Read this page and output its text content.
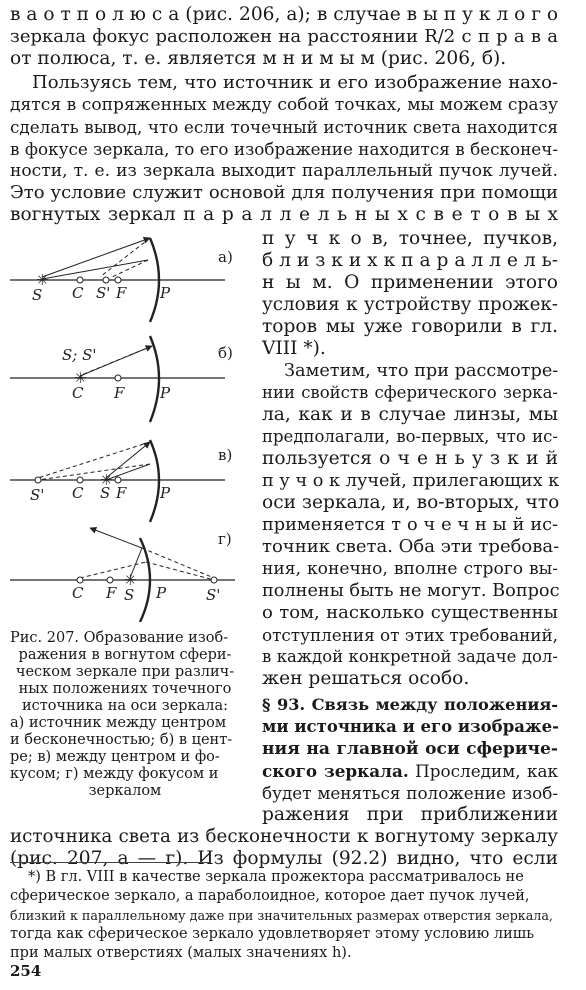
в а о т п о л ю с а (рис. 206, а); в случае в ы п у к л о г о
зеркала фокус расположен на расстоянии R/2 с п р а в а
от полюса, т. е. является м н и м ы м (рис. 206, б).
Пользуясь тем, что источник и его изображение нахо-
дятся в сопряженных между собой точках, мы можем сразу
сделать вывод, что если точечный источник света находится
в фокусе зеркала, то его изображение находится в бесконеч-
ности, т. е. из зеркала выходит параллельный пучок лучей.
Это условие служит основой для получения при помощи
вогнутых зеркал п а р а л л е л ь н ы х с в е т о в ы х
п у ч к о в, точнее, пучков,
б л и з к и х к п а р а л л е л ь-
н ы м. О применении этого
условия к устройству прожек-
торов мы уже говорили в гл.
VIII *).
Заметим, что при рассмотре-
нии свойств сферического зерка-
ла, как и в случае линзы, мы
предполагали, во-первых, что ис-
пользуется о ч е н ь у з к и й
п у ч о к лучей, прилегающих к
оси зеркала, и, во-вторых, что
применяется т о ч е ч н ы й ис-
точник света. Оба эти требова-
ния, конечно, вполне строго вы-
полнены быть не могут. Вопрос
о том, насколько существенны
отступления от этих требований,
в каждой конкретной задаче дол-
жен решаться особо.
§ 93. Связь между положения-
ми источника и его изображе-
ния на главной оси сфериче-
ского зеркала. Проследим, как
будет меняться положение изоб-
ражения при приближении
источника света из бесконечности к вогнутому зеркалу
(рис. 207, а — г). Из формулы (92.2) видно, что если
✳
S C S' F P
а)
✳
S; S'
C F P
б)
✳
S' C S F P
в)
✳
C F S P	S'
г)
Рис. 207. Образование изоб-
ражения в вогнутом сфери-
ческом зеркале при различ-
ных положениях точечного
источника на оси зеркала:
а) источник между центром
и бесконечностью; б) в цент-
ре; в) между центром и фо-
кусом; г) между фокусом и
зеркалом
*) В гл. VIII в качестве зеркала прожектора рассматривалось не
сферическое зеркало, а параболоидное, которое дает пучок лучей,
близкий к параллельному даже при значительных размерах отверстия зеркала,
тогда как сферическое зеркало удовлетворяет этому условию лишь
при малых отверстиях (малых значениях h).
254
